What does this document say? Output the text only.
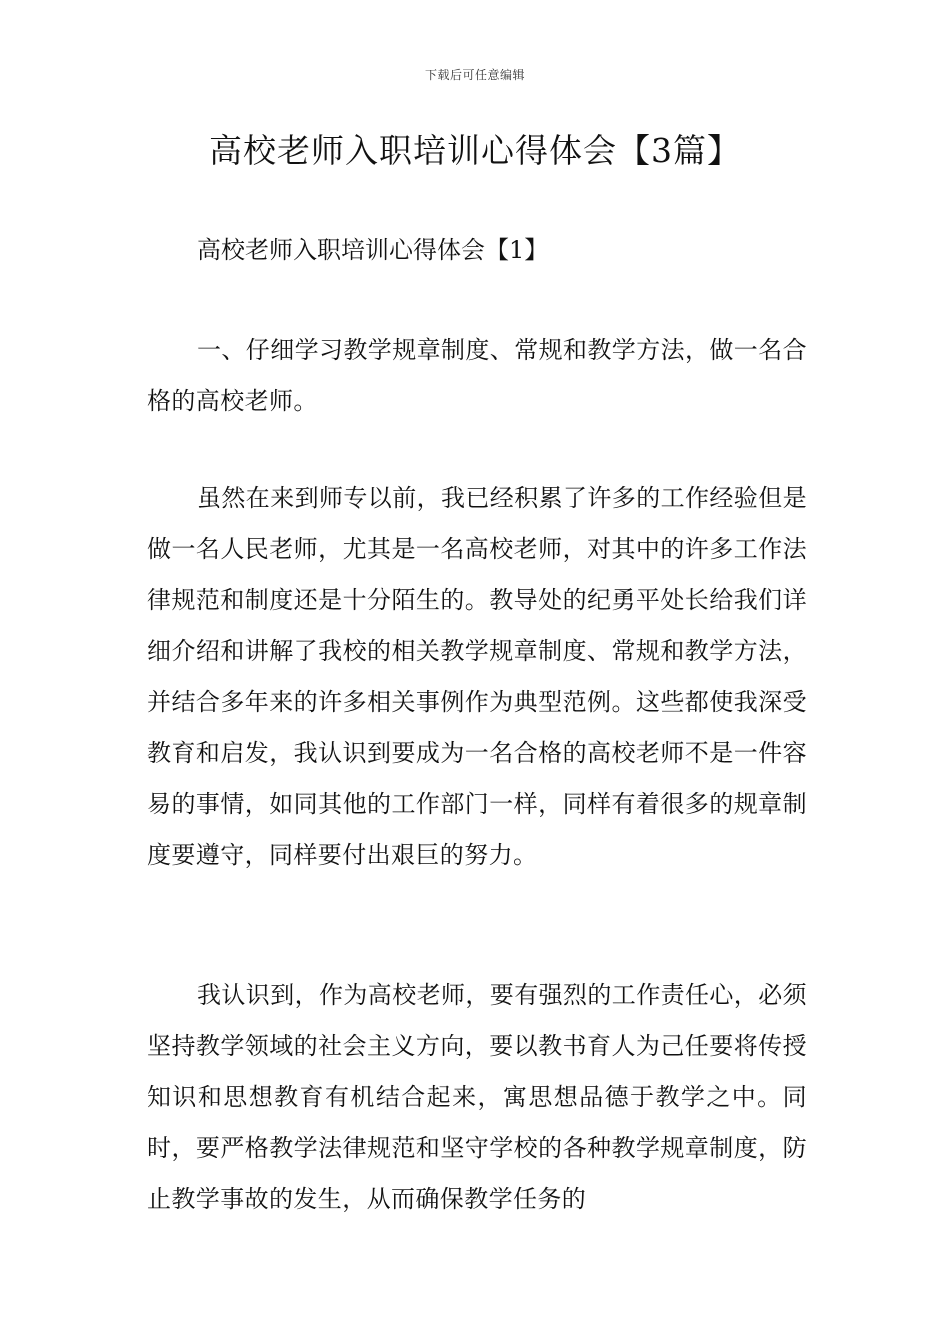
下载后可任意编辑
高校老师入职培训心得体会【3篇】

高校老师入职培训心得体会【1】

一、仔细学习教学规章制度、常规和教学方法，做一名合格的高校老师。

虽然在来到师专以前，我已经积累了许多的工作经验但是做一名人民老师，尤其是一名高校老师，对其中的许多工作法律规范和制度还是十分陌生的。教导处的纪勇平处长给我们详细介绍和讲解了我校的相关教学规章制度、常规和教学方法，并结合多年来的许多相关事例作为典型范例。这些都使我深受教育和启发，我认识到要成为一名合格的高校老师不是一件容易的事情，如同其他的工作部门一样，同样有着很多的规章制度要遵守，同样要付出艰巨的努力。

我认识到，作为高校老师，要有强烈的工作责任心，必须坚持教学领域的社会主义方向，要以教书育人为己任要将传授知识和思想教育有机结合起来，寓思想品德于教学之中。同时，要严格教学法律规范和坚守学校的各种教学规章制度，防止教学事故的发生，从而确保教学任务的
